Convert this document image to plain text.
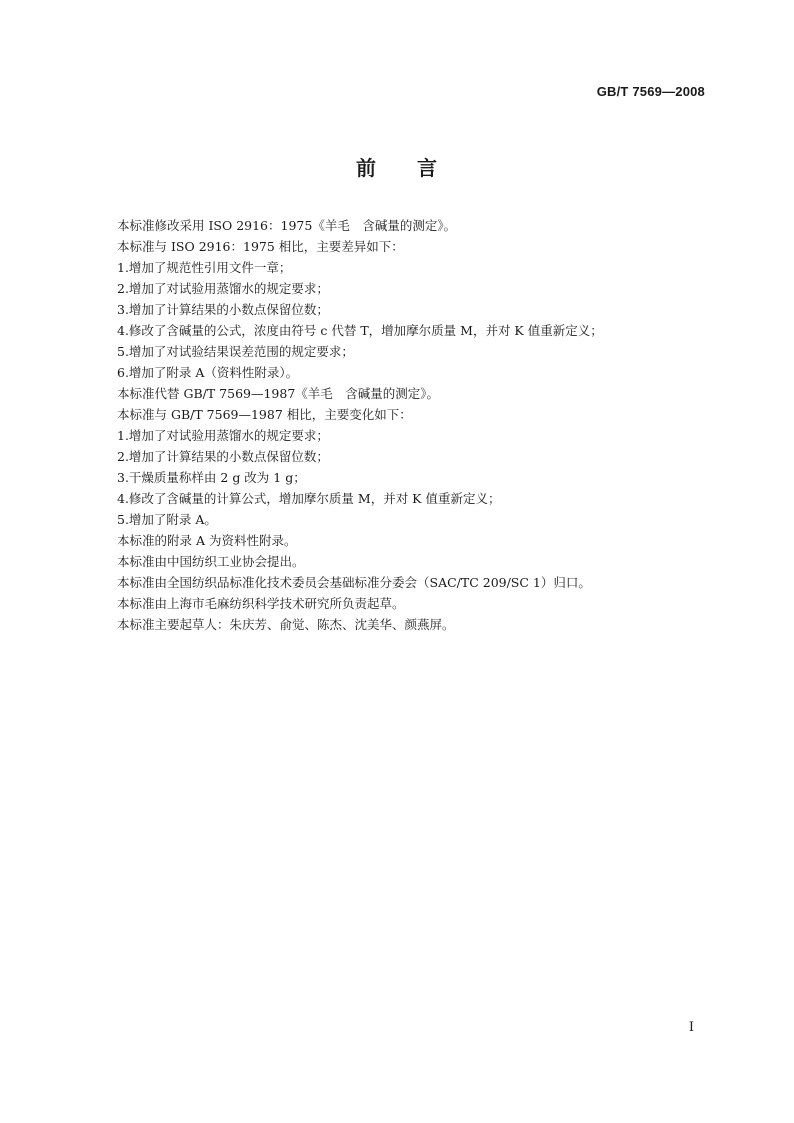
GB/T 7569—2008
前 言
本标准修改采用 ISO 2916：1975《羊毛　含碱量的测定》。
本标准与 ISO 2916：1975 相比，主要差异如下：
1.增加了规范性引用文件一章；
2.增加了对试验用蒸馏水的规定要求；
3.增加了计算结果的小数点保留位数；
4.修改了含碱量的公式，浓度由符号 c 代替 T，增加摩尔质量 M，并对 K 值重新定义；
5.增加了对试验结果误差范围的规定要求；
6.增加了附录 A（资料性附录）。
本标准代替 GB/T 7569—1987《羊毛　含碱量的测定》。
本标准与 GB/T 7569—1987 相比，主要变化如下：
1.增加了对试验用蒸馏水的规定要求；
2.增加了计算结果的小数点保留位数；
3.干燥质量称样由 2 g 改为 1 g；
4.修改了含碱量的计算公式，增加摩尔质量 M，并对 K 值重新定义；
5.增加了附录 A。
本标准的附录 A 为资料性附录。
本标准由中国纺织工业协会提出。
本标准由全国纺织品标准化技术委员会基础标准分委会（SAC/TC 209/SC 1）归口。
本标准由上海市毛麻纺织科学技术研究所负责起草。
本标准主要起草人：朱庆芳、俞觉、陈杰、沈美华、颜燕屏。
I
